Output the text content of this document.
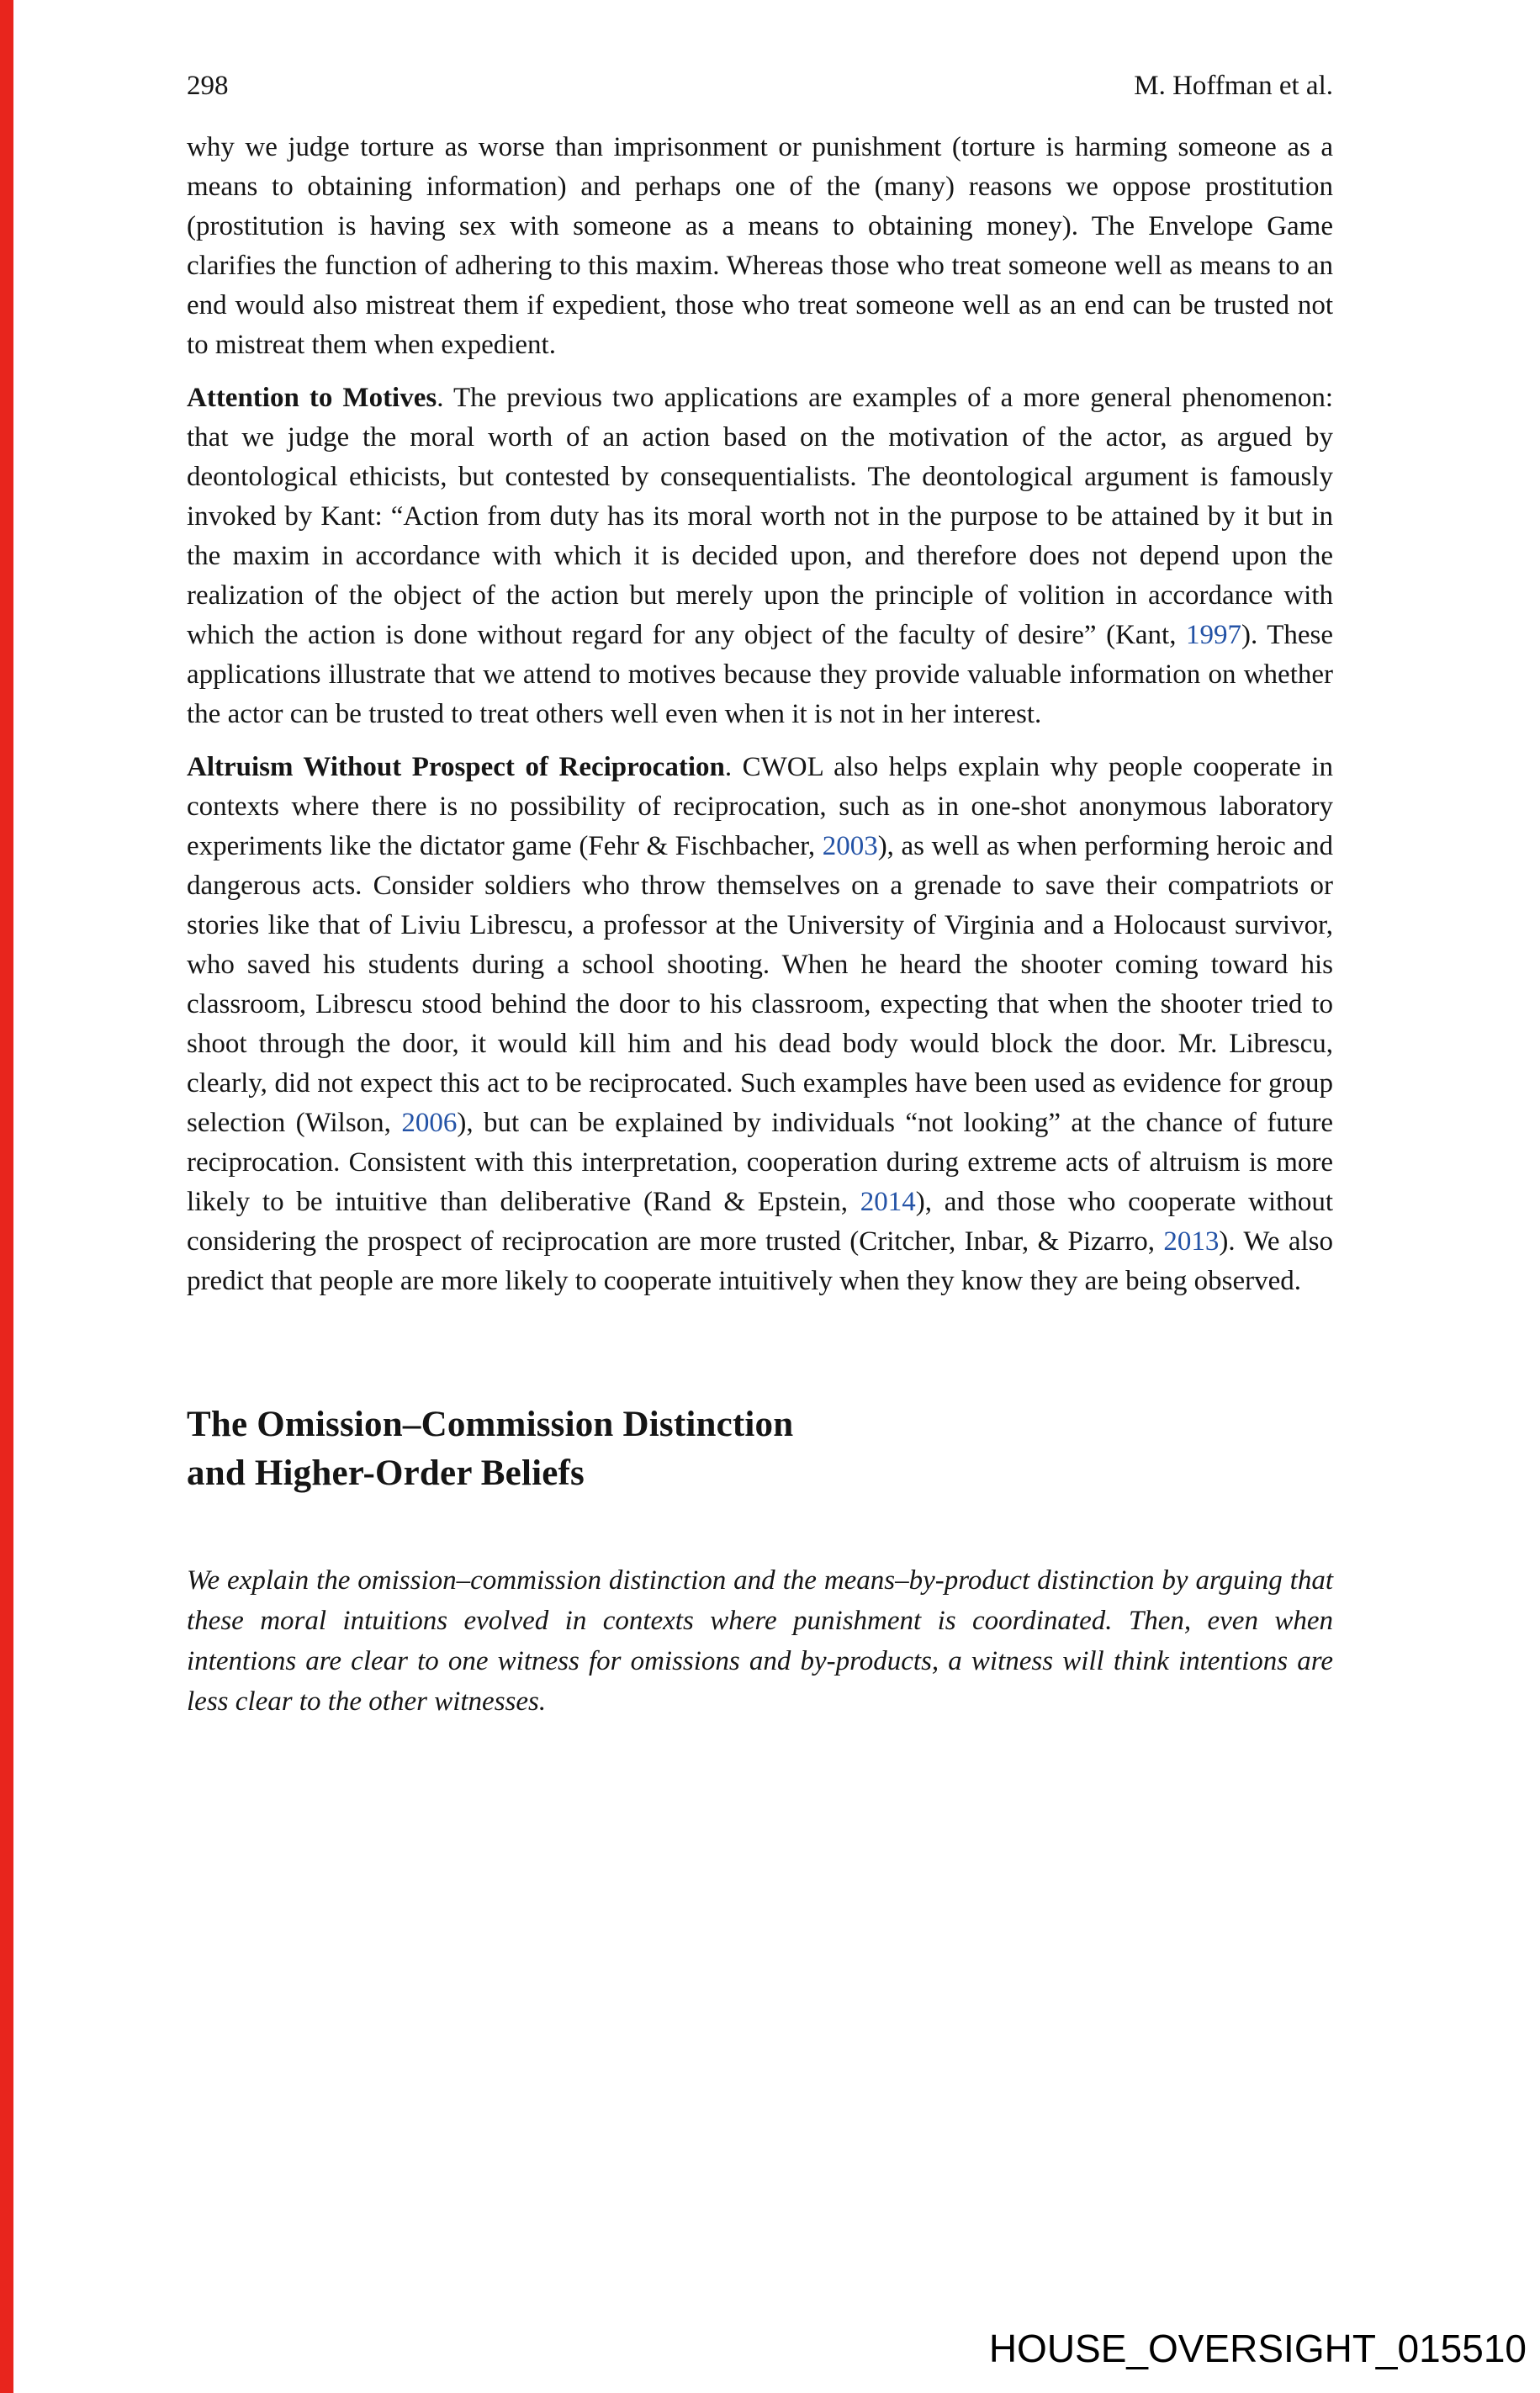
298	M. Hoffman et al.

why we judge torture as worse than imprisonment or punishment (torture is harming someone as a means to obtaining information) and perhaps one of the (many) reasons we oppose prostitution (prostitution is having sex with someone as a means to obtaining money). The Envelope Game clarifies the function of adhering to this maxim. Whereas those who treat someone well as means to an end would also mistreat them if expedient, those who treat someone well as an end can be trusted not to mistreat them when expedient.

Attention to Motives. The previous two applications are examples of a more general phenomenon: that we judge the moral worth of an action based on the motivation of the actor, as argued by deontological ethicists, but contested by consequentialists. The deontological argument is famously invoked by Kant: “Action from duty has its moral worth not in the purpose to be attained by it but in the maxim in accordance with which it is decided upon, and therefore does not depend upon the realization of the object of the action but merely upon the principle of volition in accordance with which the action is done without regard for any object of the faculty of desire” (Kant, 1997). These applications illustrate that we attend to motives because they provide valuable information on whether the actor can be trusted to treat others well even when it is not in her interest.

Altruism Without Prospect of Reciprocation. CWOL also helps explain why people cooperate in contexts where there is no possibility of reciprocation, such as in one-shot anonymous laboratory experiments like the dictator game (Fehr & Fischbacher, 2003), as well as when performing heroic and dangerous acts. Consider soldiers who throw themselves on a grenade to save their compatriots or stories like that of Liviu Librescu, a professor at the University of Virginia and a Holocaust survivor, who saved his students during a school shooting. When he heard the shooter coming toward his classroom, Librescu stood behind the door to his classroom, expecting that when the shooter tried to shoot through the door, it would kill him and his dead body would block the door. Mr. Librescu, clearly, did not expect this act to be reciprocated. Such examples have been used as evidence for group selection (Wilson, 2006), but can be explained by individuals “not looking” at the chance of future reciprocation. Consistent with this interpretation, cooperation during extreme acts of altruism is more likely to be intuitive than deliberative (Rand & Epstein, 2014), and those who cooperate without considering the prospect of reciprocation are more trusted (Critcher, Inbar, & Pizarro, 2013). We also predict that people are more likely to cooperate intuitively when they know they are being observed.

The Omission–Commission Distinction
and Higher-Order Beliefs

We explain the omission–commission distinction and the means–by-product distinction by arguing that these moral intuitions evolved in contexts where punishment is coordinated. Then, even when intentions are clear to one witness for omissions and by-products, a witness will think intentions are less clear to the other witnesses.

HOUSE_OVERSIGHT_015510
